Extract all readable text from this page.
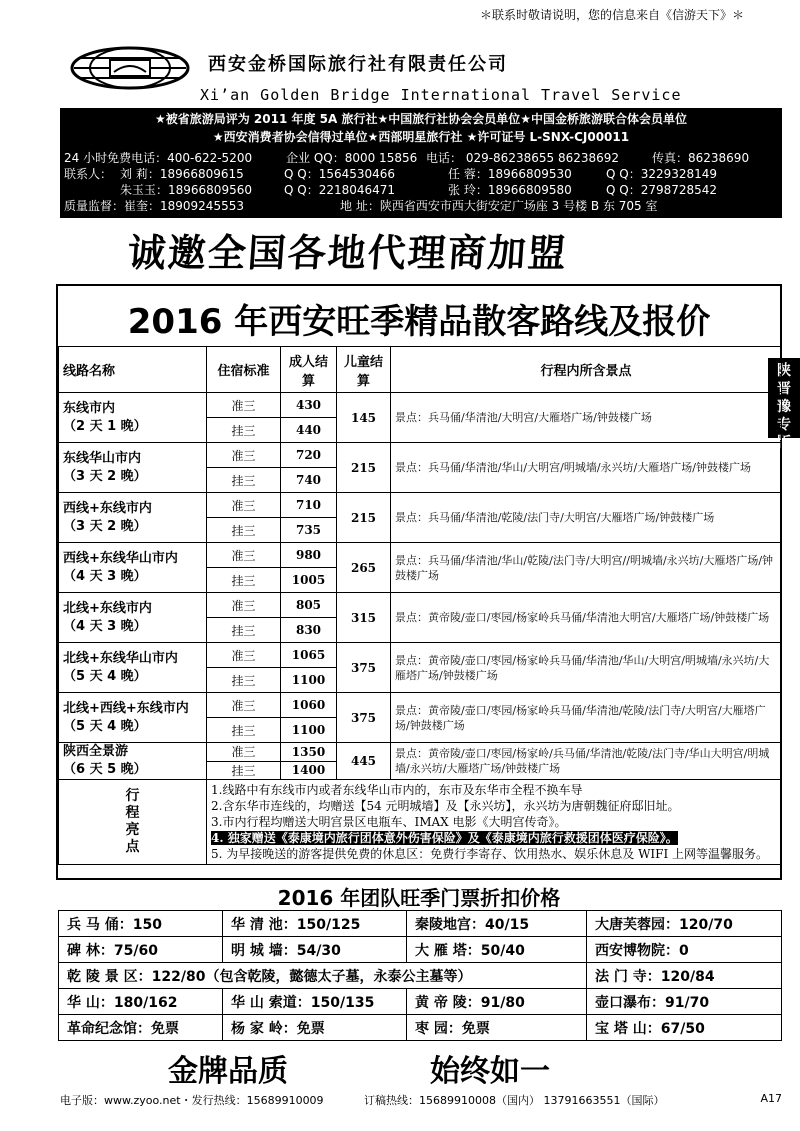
＊联系时敬请说明，您的信息来自《信游天下》＊
西安金桥国际旅行社有限责任公司
Xi’an Golden Bridge International Travel Service
★被省旅游局评为 2011 年度 5A 旅行社★中国旅行社协会会员单位★中国金桥旅游联合体会员单位
★西安消费者协会信得过单位★西部明星旅行社 ★许可证号 L-SNX-CJ00011
24 小时免费电话：400-622-5200	企业 QQ：8000 15856 电话： 029-86238655 86238692	传真：86238690
联系人： 刘 莉：18966809615	Q Q：1564530466	任 蓉：18966809530	Q Q：3229328149
朱玉玉：18966809560	Q Q：2218046471	张 玲：18966809580	Q Q：2798728542
质量监督：崔奎：18909245553	地 址：陕西省西安市西大街安定广场座 3 号楼 B 东 705 室
诚邀全国各地代理商加盟
2016 年西安旺季精品散客路线及报价
陕
晋
豫
专
版
线路名称	住宿标准	成人结算	儿童结算	行程内所含景点

东线市内
（2 天 1 晚）	准三	430	145	景点：兵马俑/华清池/大明宫/大雁塔广场/钟鼓楼广场
	挂三	440		

东线华山市内
（3 天 2 晚）	准三	720	215	景点：兵马俑/华清池/华山/大明宫/明城墙/永兴坊/大雁塔广场/钟鼓楼广场
	挂三	740		

西线+东线市内
（3 天 2 晚）	准三	710	215	景点：兵马俑/华清池/乾陵/法门寺/大明宫/大雁塔广场/钟鼓楼广场
	挂三	735		

西线+东线华山市内
（4 天 3 晚）	准三	980	265	景点：兵马俑/华清池/华山/乾陵/法门寺/大明宫//明城墙/永兴坊/大雁塔广场/钟鼓楼广场
	挂三	1005		

北线+东线市内
（4 天 3 晚）	准三	805	315	景点：黄帝陵/壶口/枣园/杨家岭兵马俑/华清池大明宫/大雁塔广场/钟鼓楼广场
	挂三	830		

北线+东线华山市内
（5 天 4 晚）	准三	1065	375	景点：黄帝陵/壶口/枣园/杨家岭兵马俑/华清池/华山/大明宫/明城墙/永兴坊/大雁塔广场/钟鼓楼广场
	挂三	1100		

北线+西线+东线市内
（5 天 4 晚）	准三	1060	375	景点：黄帝陵/壶口/枣园/杨家岭兵马俑/华清池/乾陵/法门寺/大明宫/大雁塔广场/钟鼓楼广场
	挂三	1100		

陕西全景游
（6 天 5 晚）	准三	1350	445	景点：黄帝陵/壶口/枣园/杨家岭/兵马俑/华清池/乾陵/法门寺/华山大明宫/明城墙/永兴坊/大雁塔广场/钟鼓楼广场
	挂三	1400		

行程亮点	1.线路中有东线市内或者东线华山市内的，东市及东华市全程不换车导
2.含东华市连线的，均赠送【54 元明城墙】及【永兴坊】，永兴坊为唐朝魏征府邸旧址。
3.市内行程均赠送大明宫景区电瓶车、IMAX 电影《大明宫传奇》。
4. 独家赠送《泰康境内旅行团体意外伤害保险》及《泰康境内旅行救援团体医疗保险》。
5. 为早接晚送的游客提供免费的休息区：免费行李寄存、饮用热水、娱乐休息及 WIFI 上网等温馨服务。			
2016 年团队旺季门票折扣价格
兵 马 俑：150	华 清 池：150/125	秦陵地宫：40/15	大唐芙蓉园：120/70
碑 林：75/60	明 城 墙：54/30	大 雁 塔：50/40	西安博物院：0
乾 陵 景 区：122/80（包含乾陵，懿德太子墓，永泰公主墓等）			法 门 寺：120/84
华 山：180/162	华 山 索道：150/135	黄 帝 陵：91/80	壶口瀑布：91/70
革命纪念馆：免票	杨 家 岭：免票	枣 园：免票	宝 塔 山：67/50
金牌品质	始终如一
电子版：www.zyoo.net・发行热线：15689910009	订稿热线：15689910008（国内） 13791663551（国际）	A17
